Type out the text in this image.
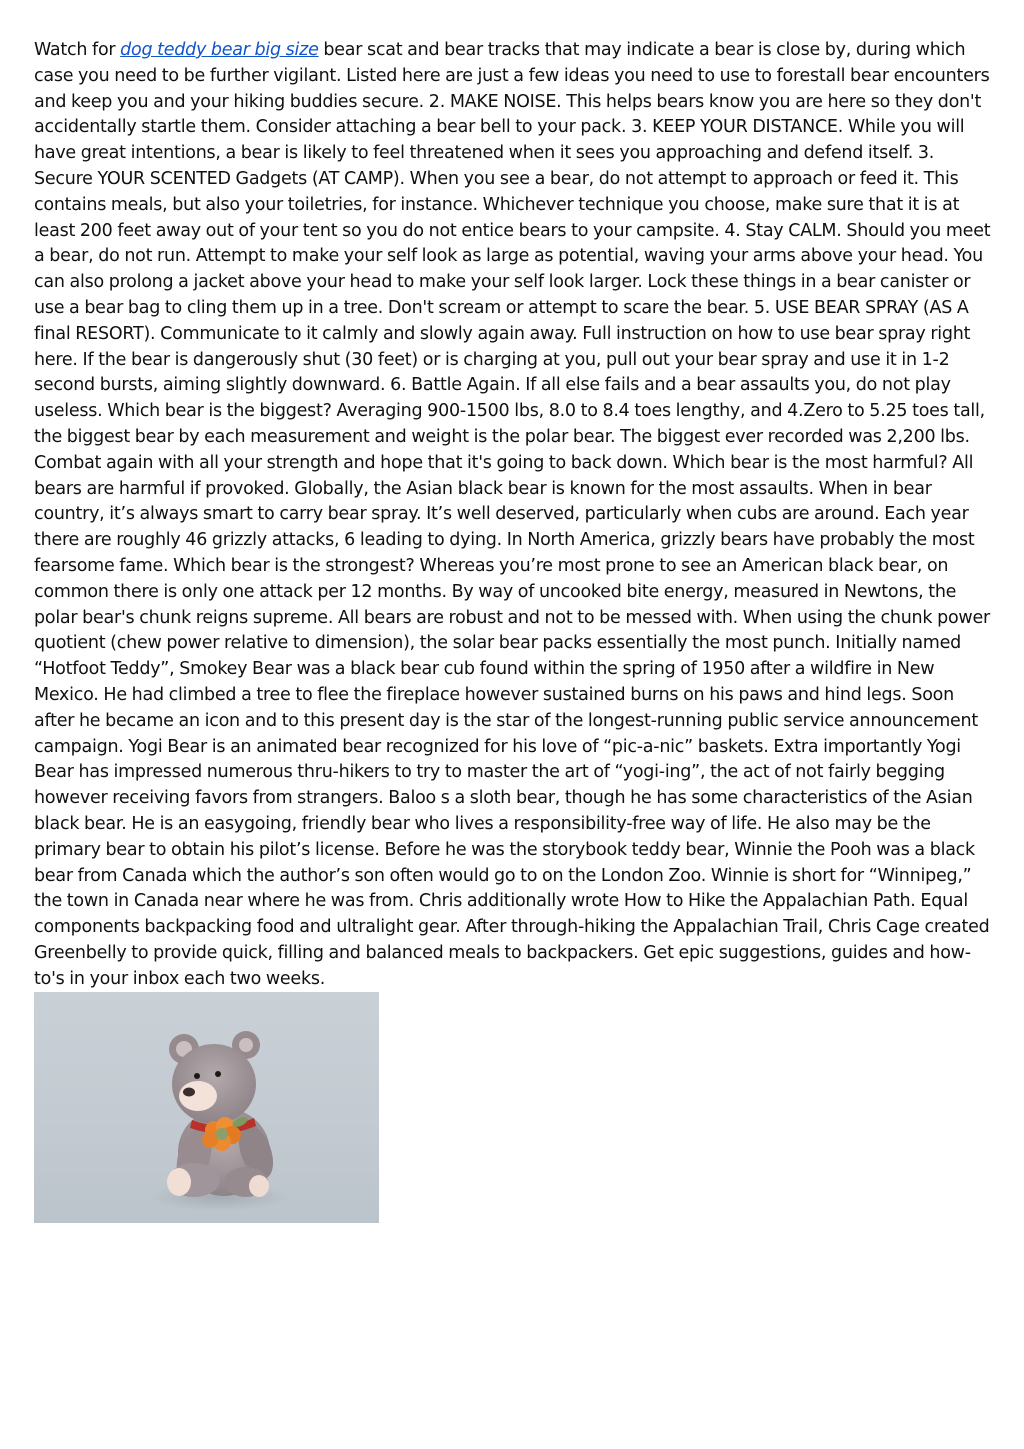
Watch for dog teddy bear big size bear scat and bear tracks that may indicate a bear is close by, during which case you need to be further vigilant. Listed here are just a few ideas you need to use to forestall bear encounters and keep you and your hiking buddies secure. 2. MAKE NOISE. This helps bears know you are here so they don't accidentally startle them. Consider attaching a bear bell to your pack. 3. KEEP YOUR DISTANCE. While you will have great intentions, a bear is likely to feel threatened when it sees you approaching and defend itself. 3. Secure YOUR SCENTED Gadgets (AT CAMP). When you see a bear, do not attempt to approach or feed it. This contains meals, but also your toiletries, for instance. Whichever technique you choose, make sure that it is at least 200 feet away out of your tent so you do not entice bears to your campsite. 4. Stay CALM. Should you meet a bear, do not run. Attempt to make your self look as large as potential, waving your arms above your head. You can also prolong a jacket above your head to make your self look larger. Lock these things in a bear canister or use a bear bag to cling them up in a tree. Don't scream or attempt to scare the bear. 5. USE BEAR SPRAY (AS A final RESORT). Communicate to it calmly and slowly again away. Full instruction on how to use bear spray right here. If the bear is dangerously shut (30 feet) or is charging at you, pull out your bear spray and use it in 1-2 second bursts, aiming slightly downward. 6. Battle Again. If all else fails and a bear assaults you, do not play useless. Which bear is the biggest? Averaging 900-1500 lbs, 8.0 to 8.4 toes lengthy, and 4.Zero to 5.25 toes tall, the biggest bear by each measurement and weight is the polar bear. The biggest ever recorded was 2,200 lbs. Combat again with all your strength and hope that it's going to back down. Which bear is the most harmful? All bears are harmful if provoked. Globally, the Asian black bear is known for the most assaults. When in bear country, it’s always smart to carry bear spray. It’s well deserved, particularly when cubs are around. Each year there are roughly 46 grizzly attacks, 6 leading to dying. In North America, grizzly bears have probably the most fearsome fame. Which bear is the strongest? Whereas you’re most prone to see an American black bear, on common there is only one attack per 12 months. By way of uncooked bite energy, measured in Newtons, the polar bear's chunk reigns supreme. All bears are robust and not to be messed with. When using the chunk power quotient (chew power relative to dimension), the solar bear packs essentially the most punch. Initially named “Hotfoot Teddy”, Smokey Bear was a black bear cub found within the spring of 1950 after a wildfire in New Mexico. He had climbed a tree to flee the fireplace however sustained burns on his paws and hind legs. Soon after he became an icon and to this present day is the star of the longest-running public service announcement campaign. Yogi Bear is an animated bear recognized for his love of “pic-a-nic” baskets. Extra importantly Yogi Bear has impressed numerous thru-hikers to try to master the art of “yogi-ing”, the act of not fairly begging however receiving favors from strangers. Baloo s a sloth bear, though he has some characteristics of the Asian black bear. He is an easygoing, friendly bear who lives a responsibility-free way of life. He also may be the primary bear to obtain his pilot’s license. Before he was the storybook teddy bear, Winnie the Pooh was a black bear from Canada which the author’s son often would go to on the London Zoo. Winnie is short for “Winnipeg,” the town in Canada near where he was from. Chris additionally wrote How to Hike the Appalachian Path. Equal components backpacking food and ultralight gear. After through-hiking the Appalachian Trail, Chris Cage created Greenbelly to provide quick, filling and balanced meals to backpackers. Get epic suggestions, guides and how-to's in your inbox each two weeks.
